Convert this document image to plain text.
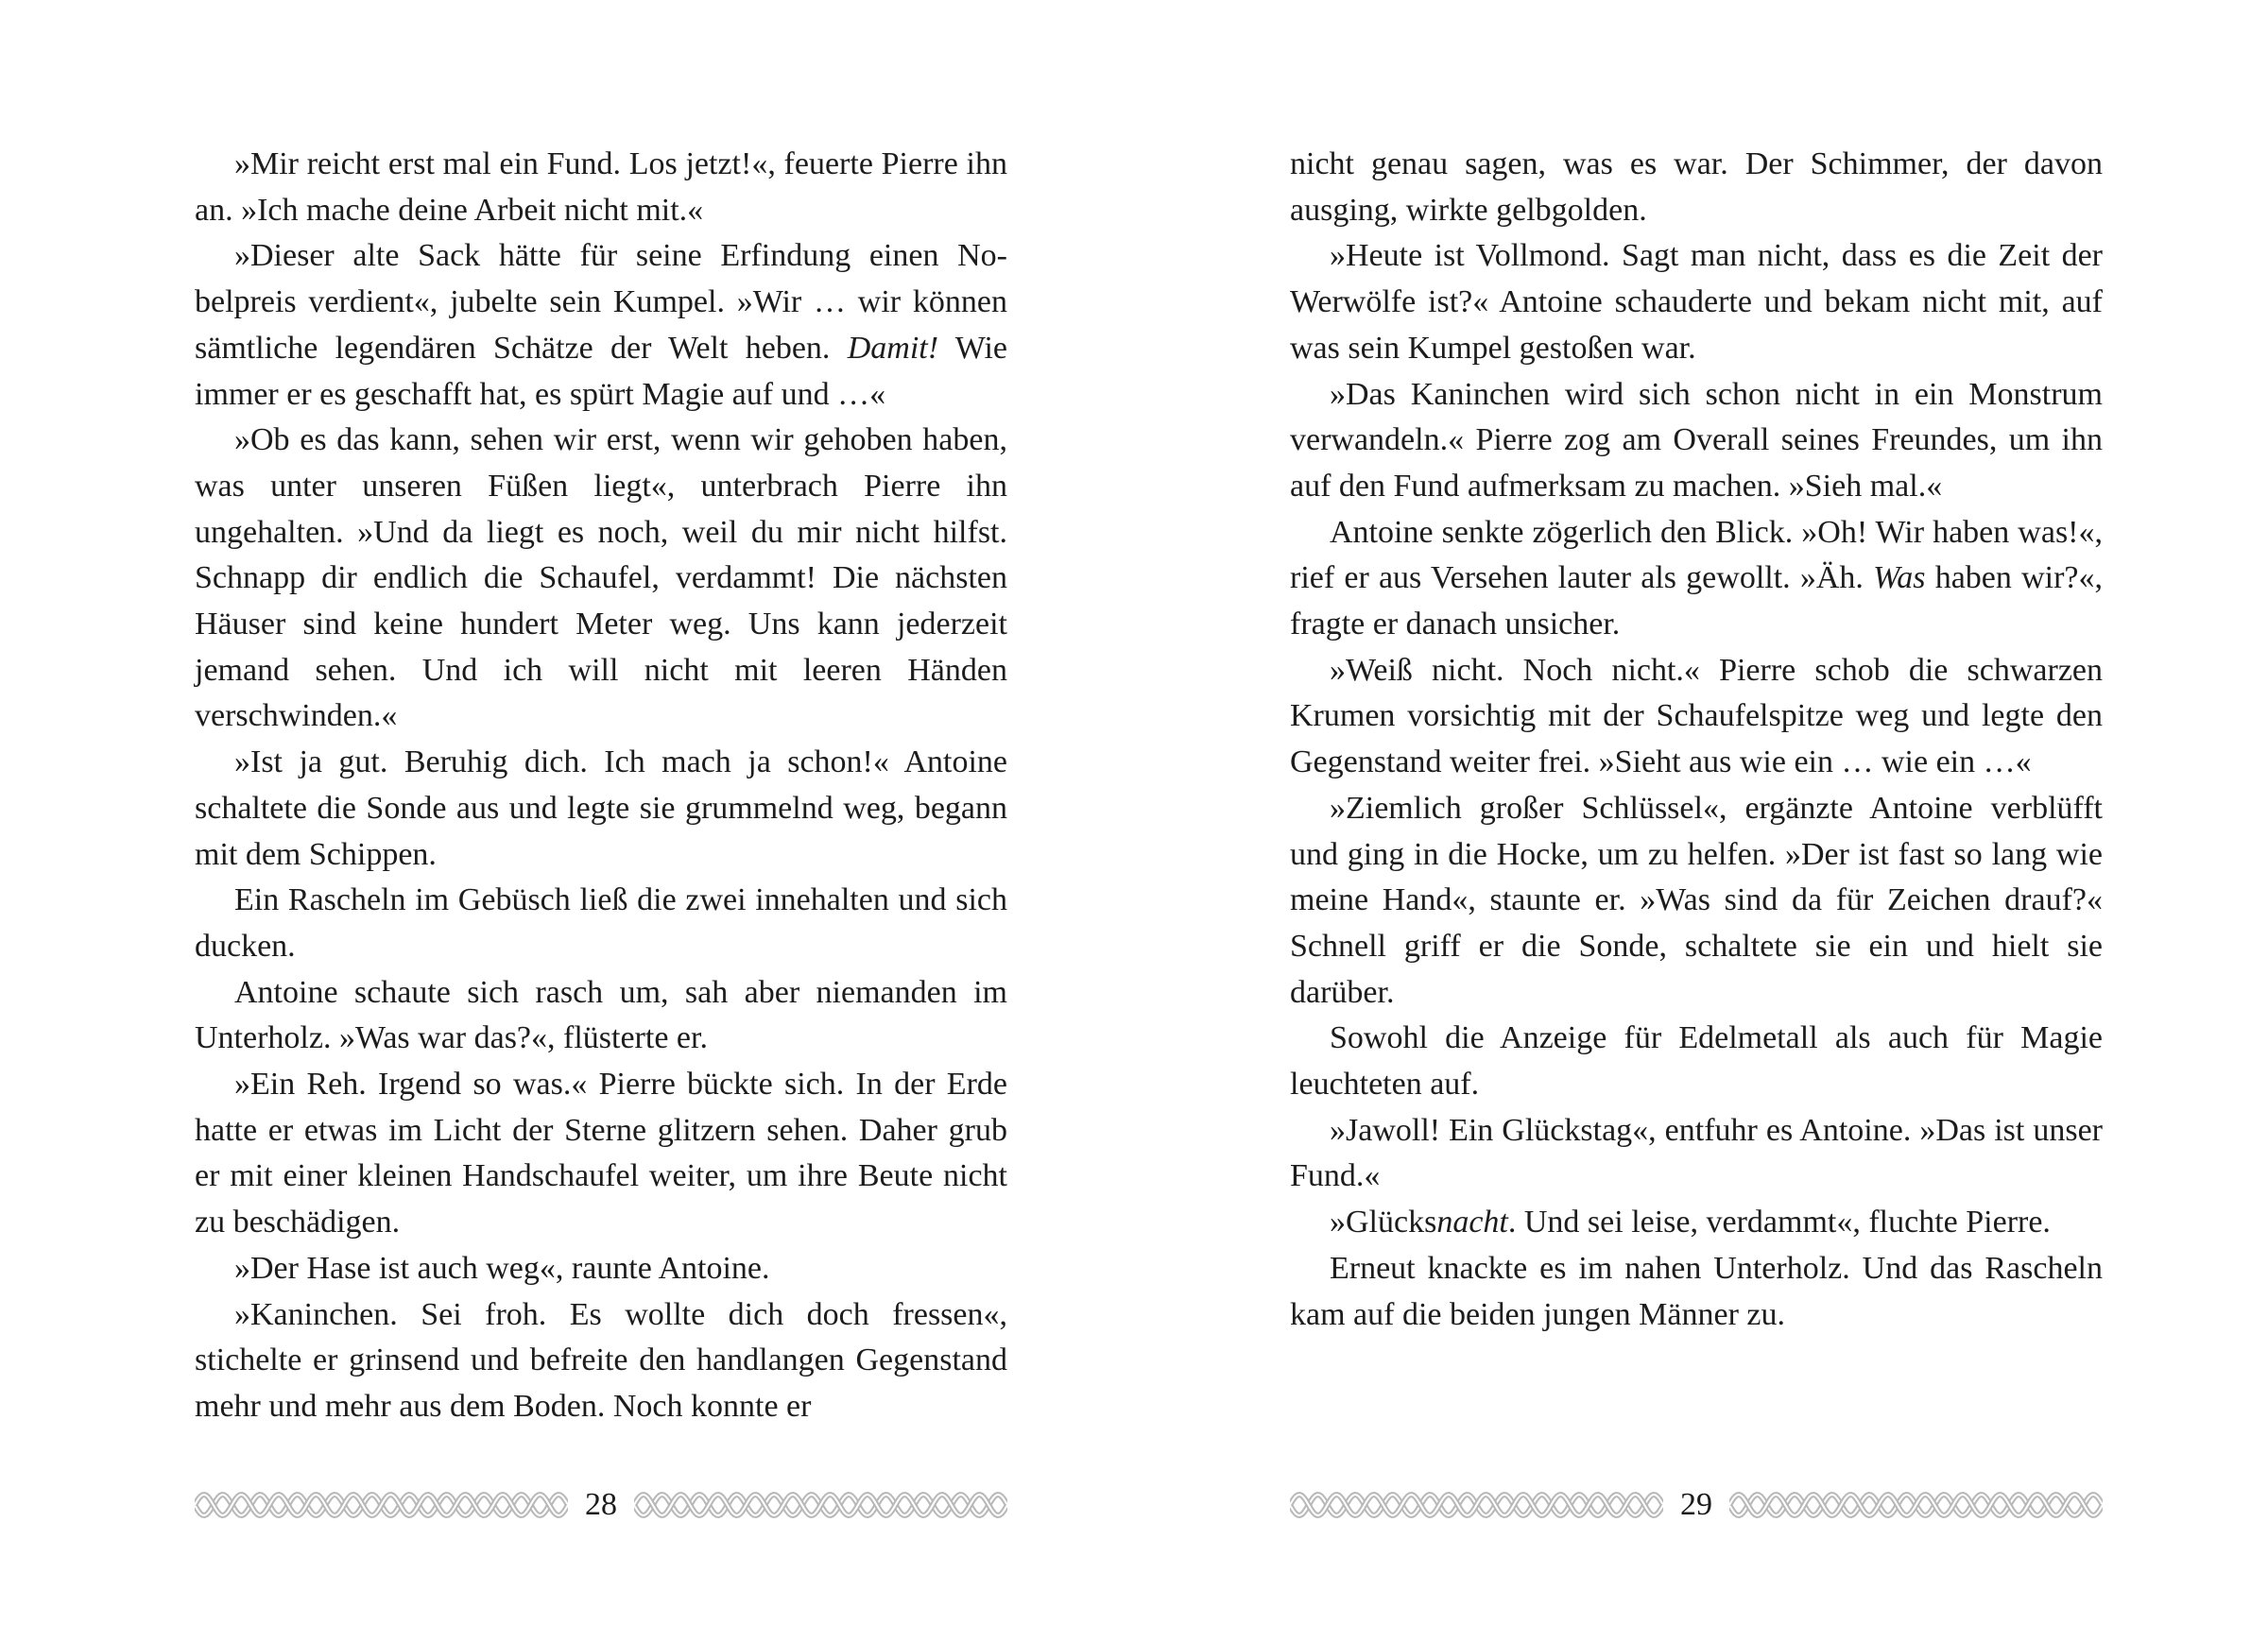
»Mir reicht erst mal ein Fund. Los jetzt!«, feuerte Pierre ihn an. »Ich mache deine Arbeit nicht mit.«

»Dieser alte Sack hätte für seine Erfindung einen Nobelpreis verdient«, jubelte sein Kumpel. »Wir … wir können sämtliche legendären Schätze der Welt heben. Damit! Wie immer er es geschafft hat, es spürt Magie auf und …«

»Ob es das kann, sehen wir erst, wenn wir gehoben haben, was unter unseren Füßen liegt«, unterbrach Pierre ihn ungehalten. »Und da liegt es noch, weil du mir nicht hilfst. Schnapp dir endlich die Schaufel, verdammt! Die nächsten Häuser sind keine hundert Meter weg. Uns kann jederzeit jemand sehen. Und ich will nicht mit leeren Händen verschwinden.«

»Ist ja gut. Beruhig dich. Ich mach ja schon!« Antoine schaltete die Sonde aus und legte sie grummelnd weg, begann mit dem Schippen.

Ein Rascheln im Gebüsch ließ die zwei innehalten und sich ducken.

Antoine schaute sich rasch um, sah aber niemanden im Unterholz. »Was war das?«, flüsterte er.

»Ein Reh. Irgend so was.« Pierre bückte sich. In der Erde hatte er etwas im Licht der Sterne glitzern sehen. Daher grub er mit einer kleinen Handschaufel weiter, um ihre Beute nicht zu beschädigen.

»Der Hase ist auch weg«, raunte Antoine.

»Kaninchen. Sei froh. Es wollte dich doch fressen«, stichelte er grinsend und befreite den handlangen Gegenstand mehr und mehr aus dem Boden. Noch konnte er

28

nicht genau sagen, was es war. Der Schimmer, der davon ausging, wirkte gelbgolden.

»Heute ist Vollmond. Sagt man nicht, dass es die Zeit der Werwölfe ist?« Antoine schauderte und bekam nicht mit, auf was sein Kumpel gestoßen war.

»Das Kaninchen wird sich schon nicht in ein Monstrum verwandeln.« Pierre zog am Overall seines Freundes, um ihn auf den Fund aufmerksam zu machen. »Sieh mal.«

Antoine senkte zögerlich den Blick. »Oh! Wir haben was!«, rief er aus Versehen lauter als gewollt. »Äh. Was haben wir?«, fragte er danach unsicher.

»Weiß nicht. Noch nicht.« Pierre schob die schwarzen Krumen vorsichtig mit der Schaufelspitze weg und legte den Gegenstand weiter frei. »Sieht aus wie ein … wie ein …«

»Ziemlich großer Schlüssel«, ergänzte Antoine verblüfft und ging in die Hocke, um zu helfen. »Der ist fast so lang wie meine Hand«, staunte er. »Was sind da für Zeichen drauf?« Schnell griff er die Sonde, schaltete sie ein und hielt sie darüber.

Sowohl die Anzeige für Edelmetall als auch für Magie leuchteten auf.

»Jawoll! Ein Glückstag«, entfuhr es Antoine. »Das ist unser Fund.«

»Glücksnacht. Und sei leise, verdammt«, fluchte Pierre.

Erneut knackte es im nahen Unterholz. Und das Rascheln kam auf die beiden jungen Männer zu.

29
